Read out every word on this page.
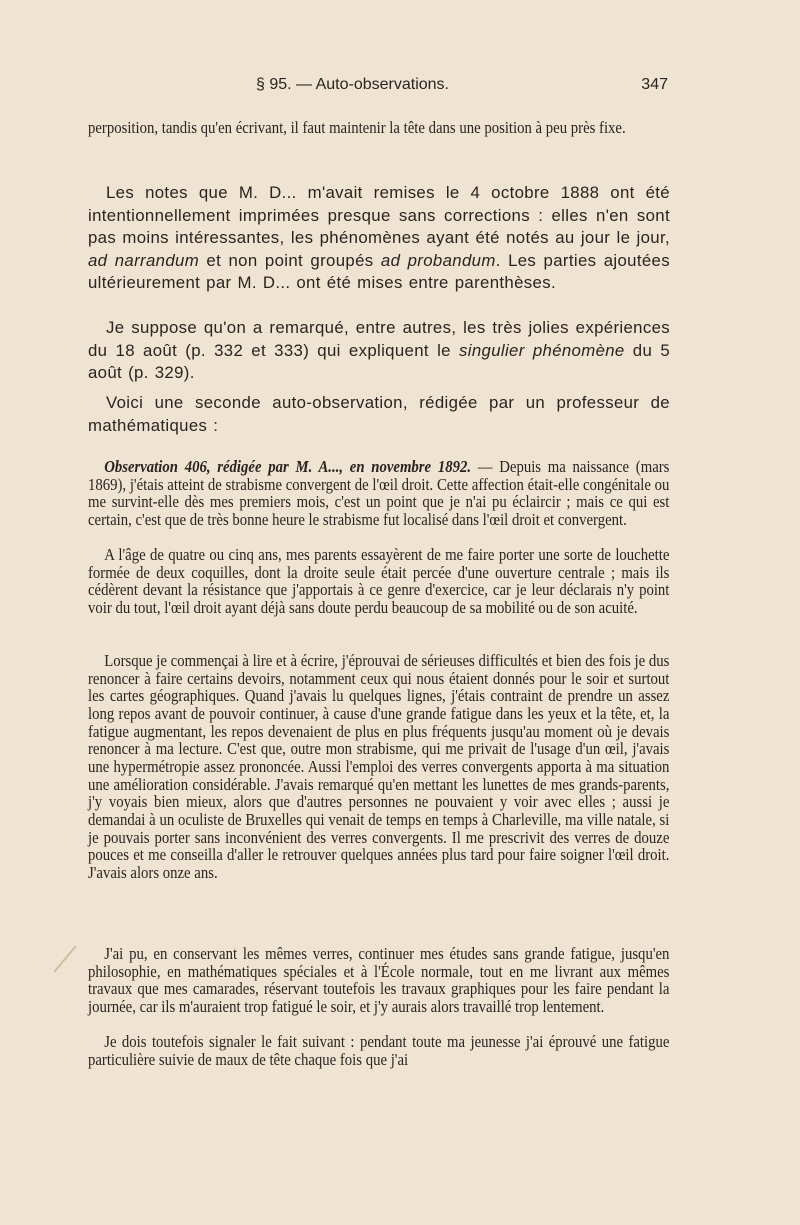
§ 95. — Auto-observations.	347

perposition, tandis qu'en écrivant, il faut maintenir la tête dans une position à peu près fixe.

Les notes que M. D... m'avait remises le 4 octobre 1888 ont été intentionnellement imprimées presque sans corrections : elles n'en sont pas moins intéressantes, les phénomènes ayant été notés au jour le jour, ad narrandum et non point groupés ad probandum. Les parties ajoutées ultérieurement par M. D... ont été mises entre parenthèses.

Je suppose qu'on a remarqué, entre autres, les très jolies expériences du 18 août (p. 332 et 333) qui expliquent le singulier phénomène du 5 août (p. 329).

Voici une seconde auto-observation, rédigée par un professeur de mathématiques :

Observation 406, rédigée par M. A..., en novembre 1892. — Depuis ma naissance (mars 1869), j'étais atteint de strabisme convergent de l'œil droit. Cette affection était-elle congénitale ou me survint-elle dès mes premiers mois, c'est un point que je n'ai pu éclaircir ; mais ce qui est certain, c'est que de très bonne heure le strabisme fut localisé dans l'œil droit et convergent.

A l'âge de quatre ou cinq ans, mes parents essayèrent de me faire porter une sorte de louchette formée de deux coquilles, dont la droite seule était percée d'une ouverture centrale ; mais ils cédèrent devant la résistance que j'apportais à ce genre d'exercice, car je leur déclarais n'y point voir du tout, l'œil droit ayant déjà sans doute perdu beaucoup de sa mobilité ou de son acuité.

Lorsque je commençai à lire et à écrire, j'éprouvai de sérieuses difficultés et bien des fois je dus renoncer à faire certains devoirs, notamment ceux qui nous étaient donnés pour le soir et surtout les cartes géographiques. Quand j'avais lu quelques lignes, j'étais contraint de prendre un assez long repos avant de pouvoir continuer, à cause d'une grande fatigue dans les yeux et la tête, et, la fatigue augmentant, les repos devenaient de plus en plus fréquents jusqu'au moment où je devais renoncer à ma lecture. C'est que, outre mon strabisme, qui me privait de l'usage d'un œil, j'avais une hypermétropie assez prononcée. Aussi l'emploi des verres convergents apporta à ma situation une amélioration considérable. J'avais remarqué qu'en mettant les lunettes de mes grands-parents, j'y voyais bien mieux, alors que d'autres personnes ne pouvaient y voir avec elles ; aussi je demandai à un oculiste de Bruxelles qui venait de temps en temps à Charleville, ma ville natale, si je pouvais porter sans inconvénient des verres convergents. Il me prescrivit des verres de douze pouces et me conseilla d'aller le retrouver quelques années plus tard pour faire soigner l'œil droit. J'avais alors onze ans.

J'ai pu, en conservant les mêmes verres, continuer mes études sans grande fatigue, jusqu'en philosophie, en mathématiques spéciales et à l'École normale, tout en me livrant aux mêmes travaux que mes camarades, réservant toutefois les travaux graphiques pour les faire pendant la journée, car ils m'auraient trop fatigué le soir, et j'y aurais alors travaillé trop lentement.

Je dois toutefois signaler le fait suivant : pendant toute ma jeunesse j'ai éprouvé une fatigue particulière suivie de maux de tête chaque fois que j'ai
